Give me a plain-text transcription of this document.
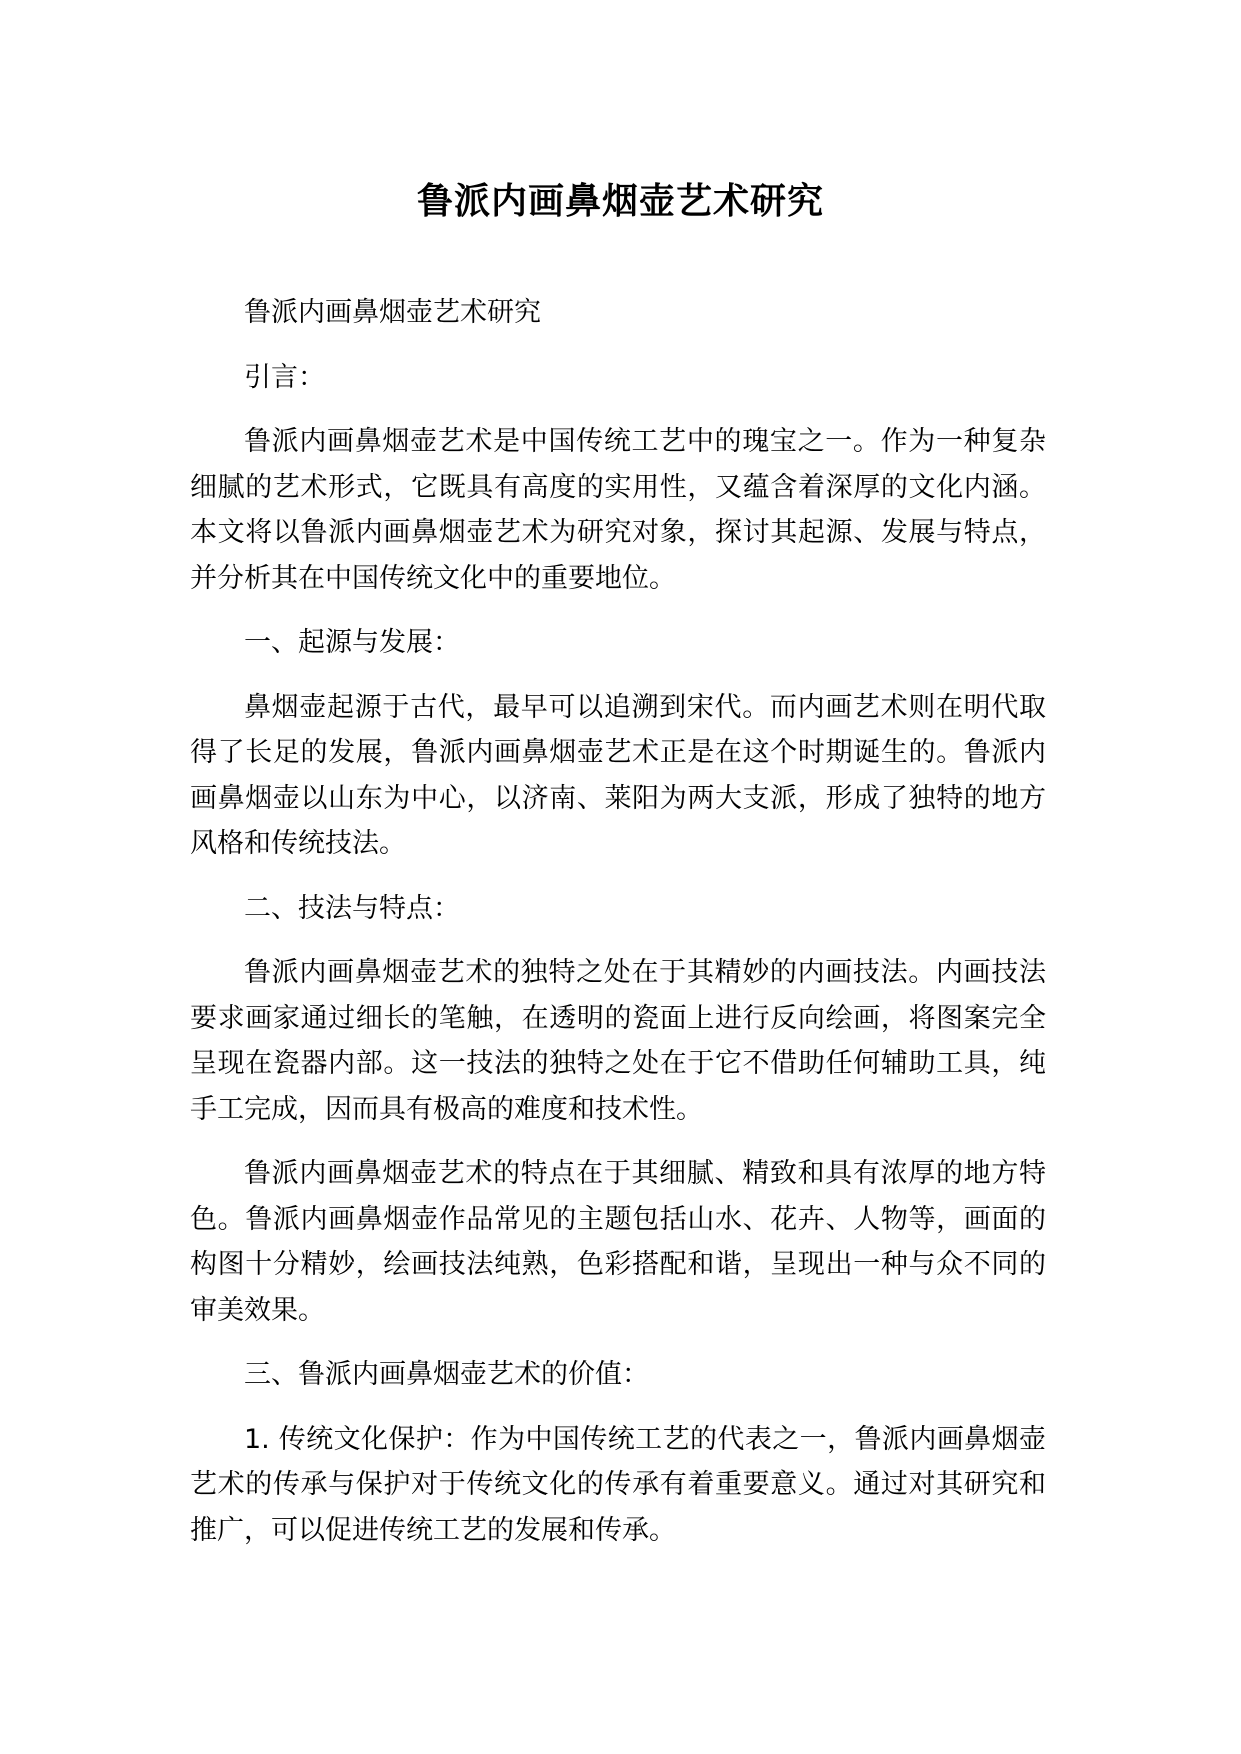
鲁派内画鼻烟壶艺术研究

鲁派内画鼻烟壶艺术研究

引言：

鲁派内画鼻烟壶艺术是中国传统工艺中的瑰宝之一。作为一种复杂细腻的艺术形式，它既具有高度的实用性，又蕴含着深厚的文化内涵。本文将以鲁派内画鼻烟壶艺术为研究对象，探讨其起源、发展与特点，并分析其在中国传统文化中的重要地位。

一、起源与发展：

鼻烟壶起源于古代，最早可以追溯到宋代。而内画艺术则在明代取得了长足的发展，鲁派内画鼻烟壶艺术正是在这个时期诞生的。鲁派内画鼻烟壶以山东为中心，以济南、莱阳为两大支派，形成了独特的地方风格和传统技法。

二、技法与特点：

鲁派内画鼻烟壶艺术的独特之处在于其精妙的内画技法。内画技法要求画家通过细长的笔触，在透明的瓷面上进行反向绘画，将图案完全呈现在瓷器内部。这一技法的独特之处在于它不借助任何辅助工具，纯手工完成，因而具有极高的难度和技术性。

鲁派内画鼻烟壶艺术的特点在于其细腻、精致和具有浓厚的地方特色。鲁派内画鼻烟壶作品常见的主题包括山水、花卉、人物等，画面的构图十分精妙，绘画技法纯熟，色彩搭配和谐，呈现出一种与众不同的审美效果。

三、鲁派内画鼻烟壶艺术的价值：

1. 传统文化保护：作为中国传统工艺的代表之一，鲁派内画鼻烟壶艺术的传承与保护对于传统文化的传承有着重要意义。通过对其研究和推广，可以促进传统工艺的发展和传承。
